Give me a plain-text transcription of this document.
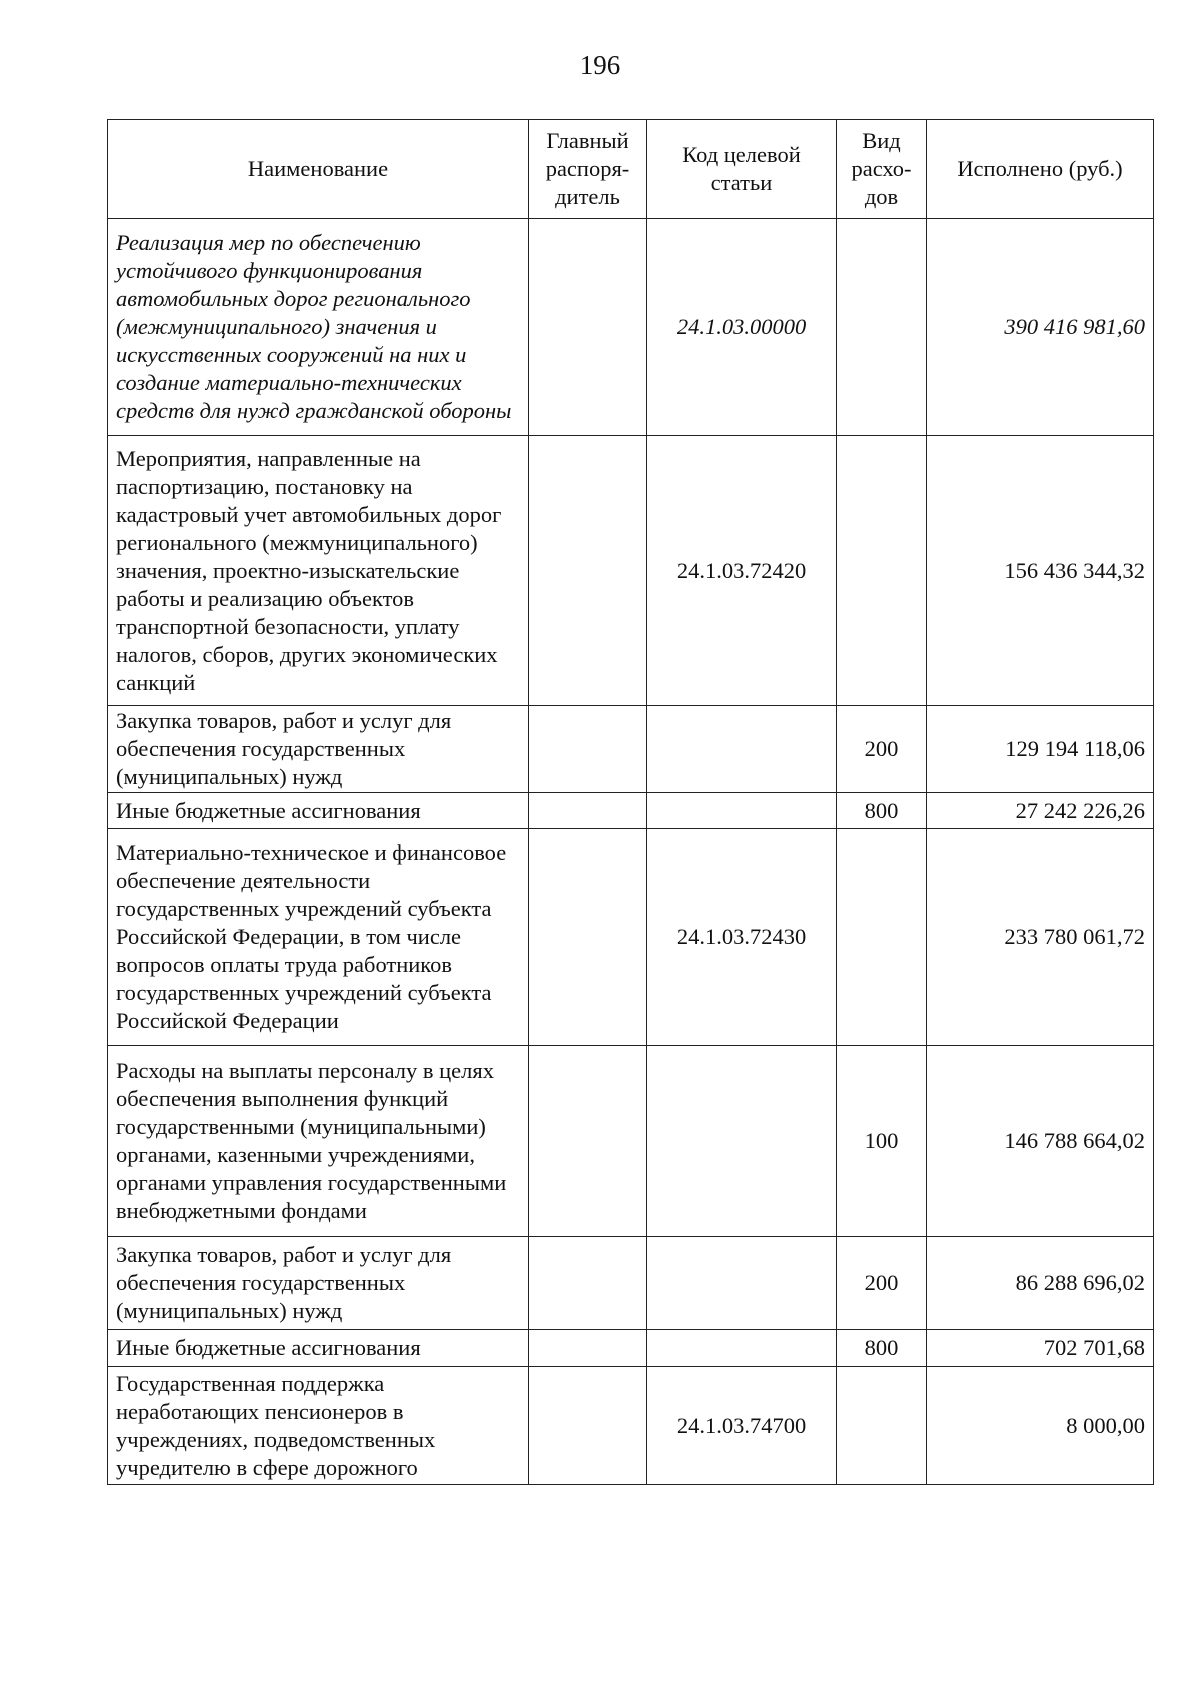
196
Наименование	Главный распоря-дитель	Код целевой статьи	Вид расхо-дов	Исполнено (руб.)
Реализация мер по обеспечению устойчивого функционирования автомобильных дорог регионального (межмуниципального) значения и искусственных сооружений на них и создание материально-технических средств для нужд гражданской обороны		24.1.03.00000		390 416 981,60
Мероприятия, направленные на паспортизацию, постановку на кадастровый учет автомобильных дорог регионального (межмуниципального) значения, проектно-изыскательские работы и реализацию объектов транспортной безопасности, уплату налогов, сборов, других экономических санкций		24.1.03.72420		156 436 344,32
Закупка товаров, работ и услуг для обеспечения государственных (муниципальных) нужд			200	129 194 118,06
Иные бюджетные ассигнования			800	27 242 226,26
Материально-техническое и финансовое обеспечение деятельности государственных учреждений субъекта Российской Федерации, в том числе вопросов оплаты труда работников государственных учреждений субъекта Российской Федерации		24.1.03.72430		233 780 061,72
Расходы на выплаты персоналу в целях обеспечения выполнения функций государственными (муниципальными) органами, казенными учреждениями, органами управления государственными внебюджетными фондами			100	146 788 664,02
Закупка товаров, работ и услуг для обеспечения государственных (муниципальных) нужд			200	86 288 696,02
Иные бюджетные ассигнования			800	702 701,68
Государственная поддержка неработающих пенсионеров в учреждениях, подведомственных учредителю в сфере дорожного		24.1.03.74700		8 000,00
